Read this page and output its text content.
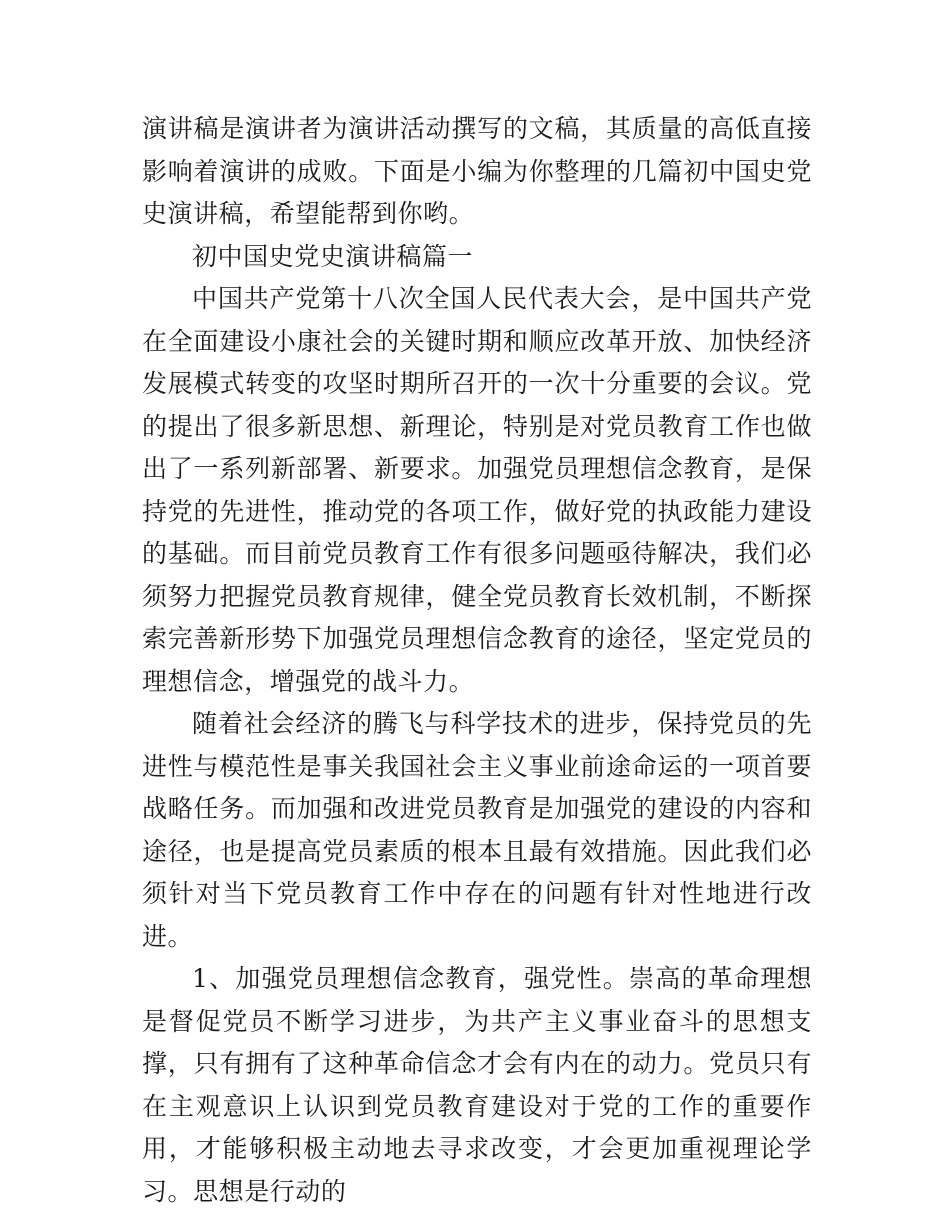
演讲稿是演讲者为演讲活动撰写的文稿，其质量的高低直接影响着演讲的成败。下面是小编为你整理的几篇初中国史党史演讲稿，希望能帮到你哟。

初中国史党史演讲稿篇一

中国共产党第十八次全国人民代表大会，是中国共产党在全面建设小康社会的关键时期和顺应改革开放、加快经济发展模式转变的攻坚时期所召开的一次十分重要的会议。党的提出了很多新思想、新理论，特别是对党员教育工作也做出了一系列新部署、新要求。加强党员理想信念教育，是保持党的先进性，推动党的各项工作，做好党的执政能力建设的基础。而目前党员教育工作有很多问题亟待解决，我们必须努力把握党员教育规律，健全党员教育长效机制，不断探索完善新形势下加强党员理想信念教育的途径，坚定党员的理想信念，增强党的战斗力。

随着社会经济的腾飞与科学技术的进步，保持党员的先进性与模范性是事关我国社会主义事业前途命运的一项首要战略任务。而加强和改进党员教育是加强党的建设的内容和途径，也是提高党员素质的根本且最有效措施。因此我们必须针对当下党员教育工作中存在的问题有针对性地进行改进。

1、加强党员理想信念教育，强党性。崇高的革命理想是督促党员不断学习进步，为共产主义事业奋斗的思想支撑，只有拥有了这种革命信念才会有内在的动力。党员只有在主观意识上认识到党员教育建设对于党的工作的重要作用，才能够积极主动地去寻求改变，才会更加重视理论学习。思想是行动的
